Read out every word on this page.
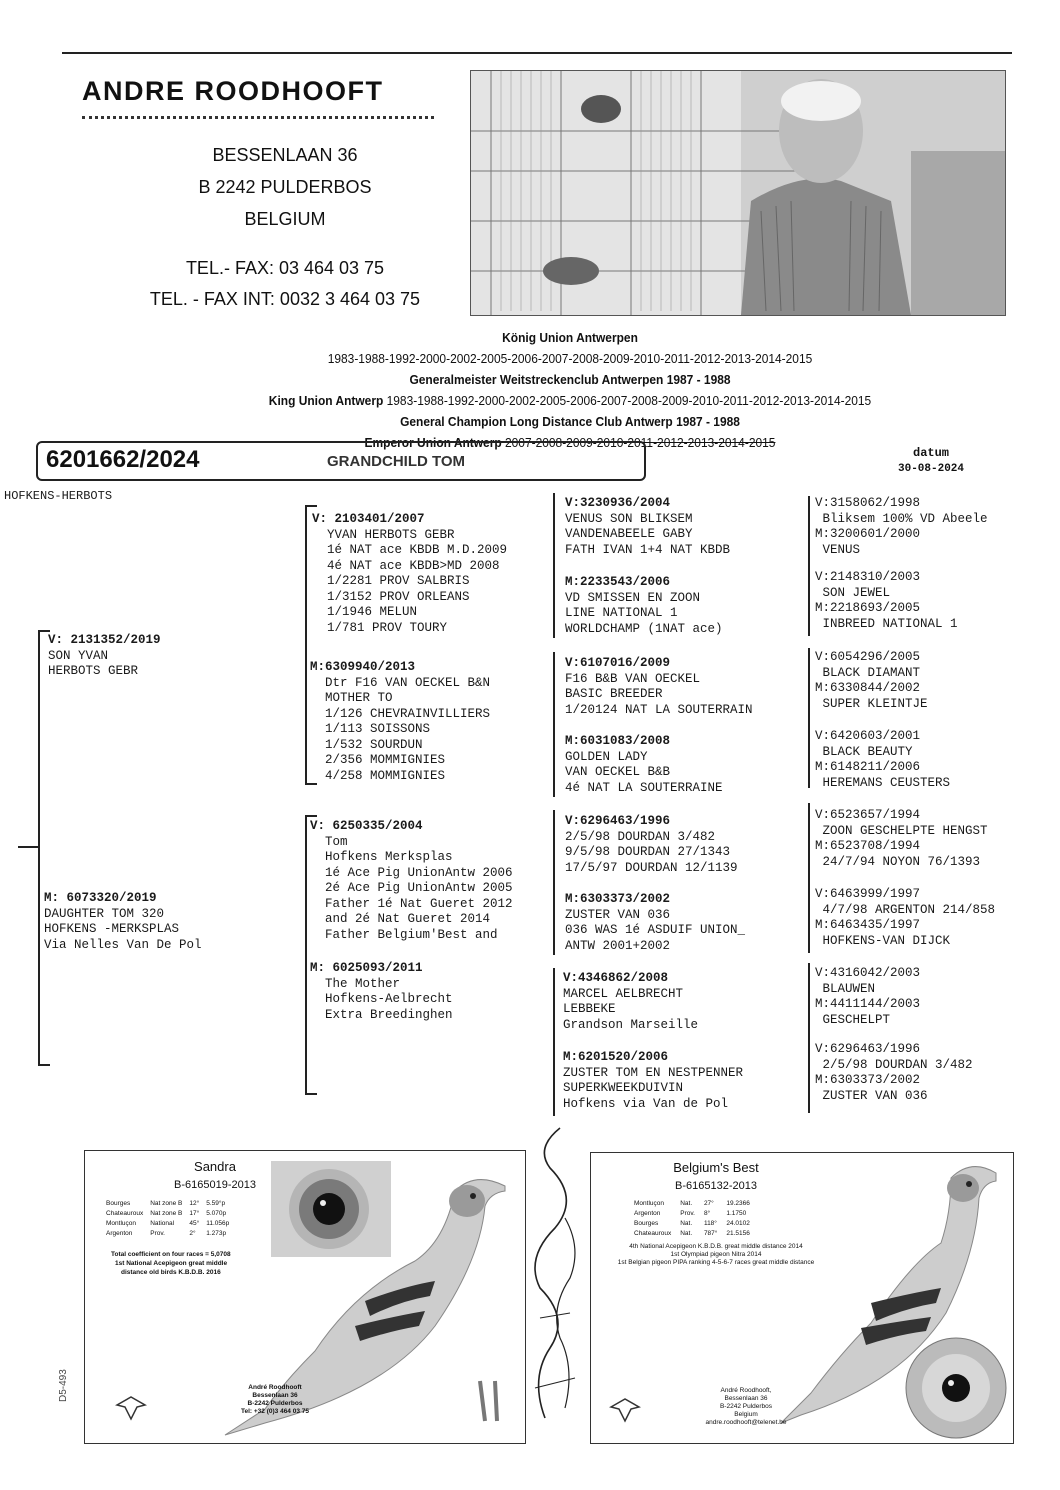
ANDRE ROODHOOFT
BESSENLAAN 36
B 2242 PULDERBOS
BELGIUM
TEL.- FAX: 03 464 03 75
TEL. - FAX INT: 0032 3 464 03 75
König Union Antwerpen
1983-1988-1992-2000-2002-2005-2006-2007-2008-2009-2010-2011-2012-2013-2014-2015
Generalmeister Weitstreckenclub Antwerpen 1987 - 1988
King Union Antwerp 1983-1988-1992-2000-2002-2005-2006-2007-2008-2009-2010-2011-2012-2013-2014-2015
General Champion Long Distance Club Antwerp 1987 - 1988
Emperor Union Antwerp 2007-2008-2009-2010-2011-2012-2013-2014-2015
6201662/2024	GRANDCHILD TOM	datum
30-08-2024
HOFKENS-HERBOTS
V: 2131352/2019
SON YVAN
HERBOTS GEBR
M: 6073320/2019
DAUGHTER TOM 320
HOFKENS -MERKSPLAS
Via Nelles Van De Pol
V: 2103401/2007
YVAN HERBOTS GEBR
1é NAT ace KBDB M.D.2009
4é NAT ace KBDB>MD 2008
1/2281 PROV SALBRIS
1/3152 PROV ORLEANS
1/1946 MELUN
1/781 PROV TOURY
M:6309940/2013
Dtr F16 VAN OECKEL B&N
MOTHER TO
1/126 CHEVRAINVILLIERS
1/113 SOISSONS
1/532 SOURDUN
2/356 MOMMIGNIES
4/258 MOMMIGNIES
V: 6250335/2004
Tom
Hofkens Merksplas
1é Ace Pig UnionAntw 2006
2é Ace Pig UnionAntw 2005
Father 1é Nat Gueret 2012
and 2é Nat Gueret 2014
Father Belgium'Best and
M: 6025093/2011
The Mother
Hofkens-Aelbrecht
Extra Breedinghen
V:3230936/2004
VENUS SON BLIKSEM
VANDENABEELE GABY
FATH IVAN 1+4 NAT KBDB
M:2233543/2006
VD SMISSEN EN ZOON
LINE NATIONAL 1
WORLDCHAMP (1NAT ace)
V:6107016/2009
F16 B&B VAN OECKEL
BASIC BREEDER
1/20124 NAT LA SOUTERRAIN
M:6031083/2008
GOLDEN LADY
VAN OECKEL B&B
4é NAT LA SOUTERRAINE
V:6296463/1996
2/5/98 DOURDAN 3/482
9/5/98 DOURDAN 27/1343
17/5/97 DOURDAN 12/1139
M:6303373/2002
ZUSTER VAN 036
036 WAS 1é ASDUIF UNION_
ANTW 2001+2002
V:4346862/2008
MARCEL AELBRECHT
LEBBEKE
Grandson Marseille
M:6201520/2006
ZUSTER TOM EN NESTPENNER
SUPERKWEEKDUIVIN
Hofkens via Van de Pol
V:3158062/1998
Bliksem 100% VD Abeele
M:3200601/2000
VENUS
V:2148310/2003
SON JEWEL
M:2218693/2005
INBREED NATIONAL 1
V:6054296/2005
BLACK DIAMANT
M:6330844/2002
SUPER KLEINTJE
V:6420603/2001
BLACK BEAUTY
M:6148211/2006
HEREMANS CEUSTERS
V:6523657/1994
ZOON GESCHELPTE HENGST
M:6523708/1994
24/7/94 NOYON 76/1393
V:6463999/1997
4/7/98 ARGENTON 214/858
M:6463435/1997
HOFKENS-VAN DIJCK
V:4316042/2003
BLAUWEN
M:4411144/2003
GESCHELPT
V:6296463/1996
2/5/98 DOURDAN 3/482
M:6303373/2002
ZUSTER VAN 036
Sandra
B-6165019-2013
Bourges	Nat zone B	12°	5.59°p
Chateauroux	Nat zone B	17°	5.070p
Montluçon	National	45°	11.056p
Argenton	Prov.	2°	1.273p
Total coefficient on four races = 5,0708
1st National Acepigeon great middle
distance old birds K.B.D.B. 2016
André Roodhooft
Bessenlaan 36
B-2242 Pulderbos
Tel: +32 (0)3 464 03 75
Belgium's Best
B-6165132-2013
Montluçon	Nat.	27°	19.2366
Argenton	Prov.	8°	1.1750
Bourges	Nat.	118°	24.0102
Chateauroux	Nat.	787°	21.5156
4th National Acepigeon K.B.D.B. great middle distance 2014
1st Olympiad pigeon Nitra 2014
1st Belgian pigeon PIPA ranking 4-5-6-7 races great middle distance
André Roodhooft,
Bessenlaan 36
B-2242 Pulderbos
Belgium
andre.roodhooft@telenet.be
D5-493
